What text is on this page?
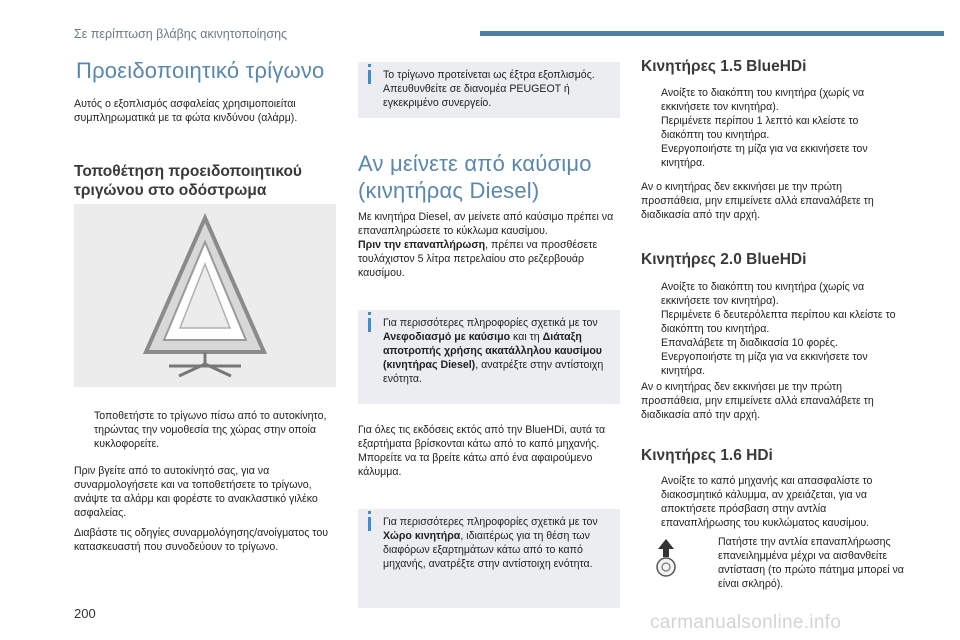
Σε περίπτωση βλάβης ακινητοποίησης
Προειδοποιητικό τρίγωνο
Αυτός ο εξοπλισμός ασφαλείας χρησιμοποιείται συμπληρωματικά με τα φώτα κινδύνου (αλάρμ).
Τοποθέτηση προειδοποιητικού τριγώνου στο οδόστρωμα
Τοποθετήστε το τρίγωνο πίσω από το αυτοκίνητο, τηρώντας την νομοθεσία της χώρας στην οποία κυκλοφορείτε.
Πριν βγείτε από το αυτοκίνητό σας, για να συναρμολογήσετε και να τοποθετήσετε το τρίγωνο, ανάψτε τα αλάρμ και φορέστε το ανακλαστικό γιλέκο ασφαλείας.
Διαβάστε τις οδηγίες συναρμολόγησης/ανοίγματος του κατασκευαστή που συνοδεύουν το τρίγωνο.
Το τρίγωνο προτείνεται ως έξτρα εξοπλισμός. Απευθυνθείτε σε διανομέα PEUGEOT ή εγκεκριμένο συνεργείο.
Αν μείνετε από καύσιμο (κινητήρας Diesel)
Με κινητήρα Diesel, αν μείνετε από καύσιμο πρέπει να επαναπληρώσετε το κύκλωμα καυσίμου.
Πριν την επαναπλήρωση, πρέπει να προσθέσετε τουλάχιστον 5 λίτρα πετρελαίου στο ρεζερβουάρ καυσίμου.
Για περισσότερες πληροφορίες σχετικά με τον Ανεφοδιασμό με καύσιμο και τη Διάταξη αποτροπής χρήσης ακατάλληλου καυσίμου (κινητήρας Diesel), ανατρέξτε στην αντίστοιχη ενότητα.
Για όλες τις εκδόσεις εκτός από την BlueHDi, αυτά τα εξαρτήματα βρίσκονται κάτω από το καπό μηχανής. Μπορείτε να τα βρείτε κάτω από ένα αφαιρούμενο κάλυμμα.
Για περισσότερες πληροφορίες σχετικά με τον Χώρο κινητήρα, ιδιαιτέρως για τη θέση των διαφόρων εξαρτημάτων κάτω από το καπό μηχανής, ανατρέξτε στην αντίστοιχη ενότητα.
Κινητήρες 1.5 BlueHDi
Ανοίξτε το διακόπτη του κινητήρα (χωρίς να εκκινήσετε τον κινητήρα).
Περιμένετε περίπου 1 λεπτό και κλείστε το διακόπτη του κινητήρα.
Ενεργοποιήστε τη μίζα για να εκκινήσετε τον κινητήρα.
Αν ο κινητήρας δεν εκκινήσει με την πρώτη προσπάθεια, μην επιμείνετε αλλά επαναλάβετε τη διαδικασία από την αρχή.
Κινητήρες 2.0 BlueHDi
Ανοίξτε το διακόπτη του κινητήρα (χωρίς να εκκινήσετε τον κινητήρα).
Περιμένετε 6 δευτερόλεπτα περίπου και κλείστε το διακόπτη του κινητήρα.
Επαναλάβετε τη διαδικασία 10 φορές.
Ενεργοποιήστε τη μίζα για να εκκινήσετε τον κινητήρα.
Αν ο κινητήρας δεν εκκινήσει με την πρώτη προσπάθεια, μην επιμείνετε αλλά επαναλάβετε τη διαδικασία από την αρχή.
Κινητήρες 1.6 HDi
Ανοίξτε το καπό μηχανής και απασφαλίστε το διακοσμητικό κάλυμμα, αν χρειάζεται, για να αποκτήσετε πρόσβαση στην αντλία επαναπλήρωσης του κυκλώματος καυσίμου.
Πατήστε την αντλία επαναπλήρωσης επανειλημμένα μέχρι να αισθανθείτε αντίσταση (το πρώτο πάτημα μπορεί να είναι σκληρό).
200	carmanualsonline.info
